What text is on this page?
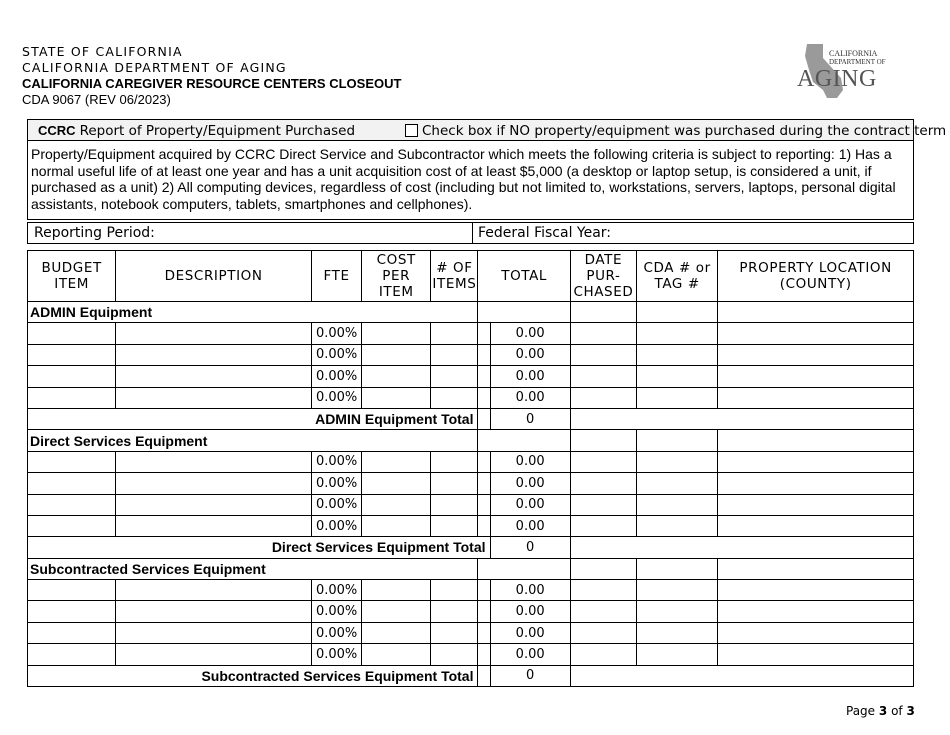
STATE OF CALIFORNIA
CALIFORNIA DEPARTMENT OF AGING
CALIFORNIA CAREGIVER RESOURCE CENTERS CLOSEOUT
CDA 9067 (REV 06/2023)
CALIFORNIA
DEPARTMENT OF
AGING
CCRC Report of Property/Equipment Purchased	Check box if NO property/equipment was purchased during the contract term
Property/Equipment acquired by CCRC Direct Service and Subcontractor which meets the following criteria is subject to reporting: 1) Has a normal useful life of at least one year and has a unit acquisition cost of at least $5,000 (a desktop or laptop setup, is considered a unit, if purchased as a unit) 2) All computing devices, regardless of cost (including but not limited to, workstations, servers, laptops, personal digital assistants, notebook computers, tablets, smartphones and cellphones).
Reporting Period:	Federal Fiscal Year:
BUDGET
ITEM	DESCRIPTION	FTE	COST
PER
ITEM	# OF
ITEMS	TOTAL		DATE
PUR-
CHASED	CDA # or
TAG #	PROPERTY LOCATION
(COUNTY)
ADMIN Equipment									
		0.00%				0.00			
		0.00%				0.00			
		0.00%				0.00			
		0.00%				0.00			
ADMIN Equipment Total						0			
Direct Services Equipment									
		0.00%				0.00			
		0.00%				0.00			
		0.00%				0.00			
		0.00%				0.00			
Direct Services Equipment Total						0			
Subcontracted Services Equipment									
		0.00%				0.00			
		0.00%				0.00			
		0.00%				0.00			
		0.00%				0.00			
Subcontracted Services Equipment Total						0			
Page 3 of 3
